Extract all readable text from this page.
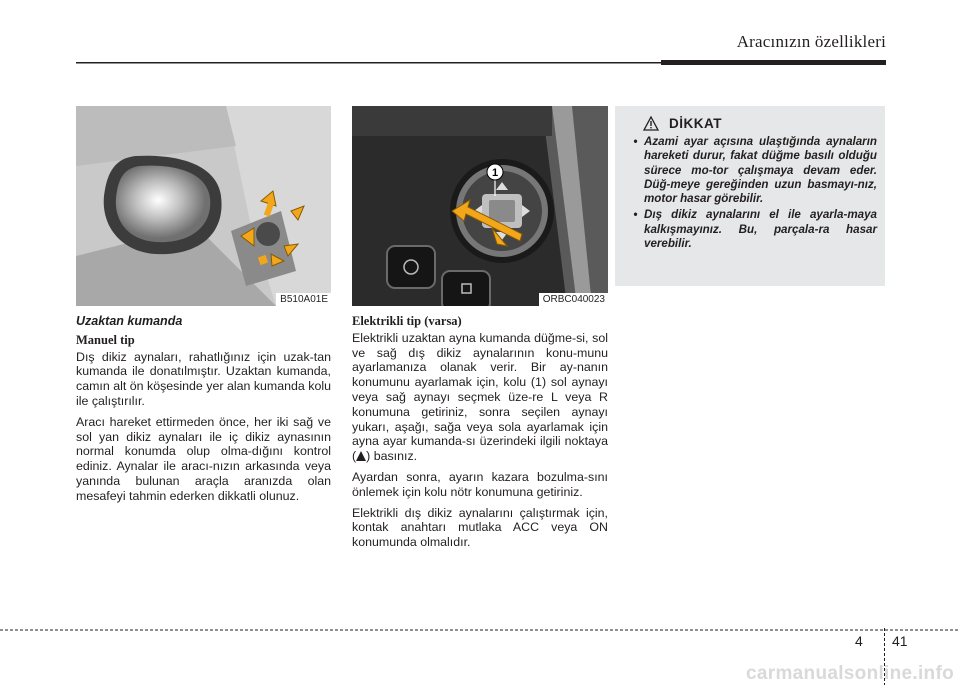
Aracınızın özellikleri
B510A01E
1
ORBC040023
DİKKAT
• Azami ayar açısına ulaştığında aynaların hareketi durur, fakat düğme basılı olduğu sürece mo-tor çalışmaya devam eder. Düğ-meye gereğinden uzun basmayı-nız, motor hasar görebilir.
• Dış dikiz aynalarını el ile ayarla-maya kalkışmayınız. Bu, parçala-ra hasar verebilir.
Uzaktan kumanda
Manuel tip

Dış dikiz aynaları, rahatlığınız için uzak-tan kumanda ile donatılmıştır. Uzaktan kumanda, camın alt ön köşesinde yer alan kumanda kolu ile çalıştırılır.

Aracı hareket ettirmeden önce, her iki sağ ve sol yan dikiz aynaları ile iç dikiz aynasının normal konumda olup olma-dığını kontrol ediniz. Aynalar ile aracı-nızın arkasında veya yanında bulunan araçla aranızda olan mesafeyi tahmin ederken dikkatli olunuz.

Elektrikli tip (varsa)

Elektrikli uzaktan ayna kumanda düğme-si, sol ve sağ dış dikiz aynalarının konu-munu ayarlamanıza olanak verir. Bir ay-nanın konumunu ayarlamak için, kolu (1) sol aynayı veya sağ aynayı seçmek üze-re L veya R konumuna getiriniz, sonra seçilen aynayı yukarı, aşağı, sağa veya sola ayarlamak için ayna ayar kumanda-sı üzerindeki ilgili noktaya ( ) basınız.

Ayardan sonra, ayarın kazara bozulma-sını önlemek için kolu nötr konumuna getiriniz.

Elektrikli dış dikiz aynalarını çalıştırmak için, kontak anahtarı mutlaka ACC veya ON konumunda olmalıdır.

4 41
carmanualsonline.info
